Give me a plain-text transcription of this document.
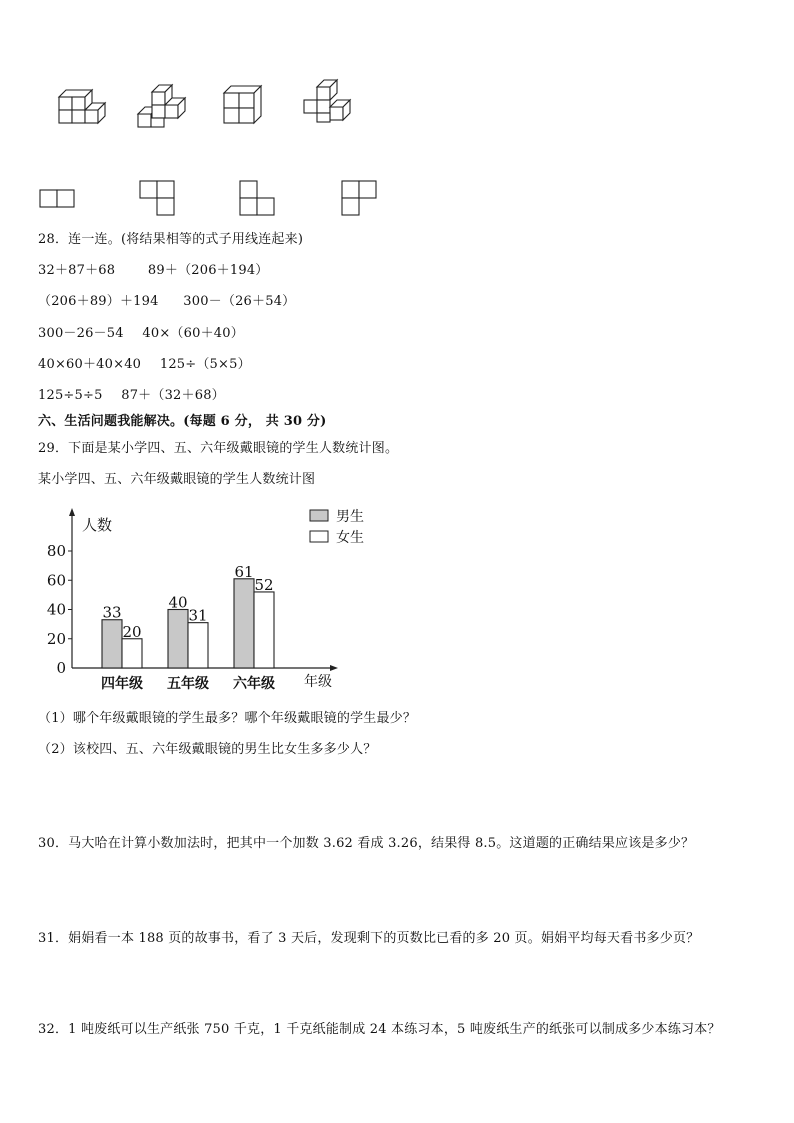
28．连一连。(将结果相等的式子用线连起来)
32＋87＋68	89＋（206＋194）
（206＋89）＋194 300－（26＋54）
300－26－54 40×（60＋40）
40×60＋40×40 125÷（5×5）
125÷5÷5 87＋（32＋68）
六、生活问题我能解决。(每题 6 分， 共 30 分)
29．下面是某小学四、五、六年级戴眼镜的学生人数统计图。
某小学四、五、六年级戴眼镜的学生人数统计图
人数
年级
0
20
40
60
80
33
20
四年级
40
31
五年级
61
52
六年级
男生
女生
（1）哪个年级戴眼镜的学生最多？哪个年级戴眼镜的学生最少？
（2）该校四、五、六年级戴眼镜的男生比女生多多少人？
30．马大哈在计算小数加法时，把其中一个加数 3.62 看成 3.26，结果得 8.5。这道题的正确结果应该是多少？
31．娟娟看一本 188 页的故事书，看了 3 天后，发现剩下的页数比已看的多 20 页。娟娟平均每天看书多少页？
32．1 吨废纸可以生产纸张 750 千克，1 千克纸能制成 24 本练习本，5 吨废纸生产的纸张可以制成多少本练习本？
